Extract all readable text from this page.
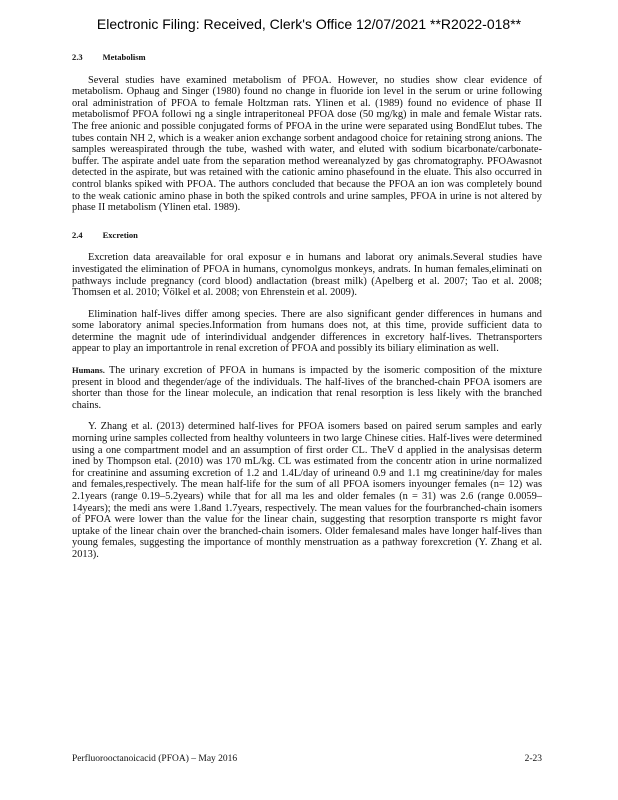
Electronic Filing: Received, Clerk's Office 12/07/2021 **R2022-018**
2.3 Metabolism

Several studies have examined metabolism of PFOA. However, no studies show clear evidence of metabolism. Ophaug and Singer (1980) found no change in fluoride ion level in the serum or urine following oral administration of PFOA to female Holtzman rats. Ylinen et al. (1989) found no evidence of phase II metabolismof PFOA followi ng a single intraperitoneal PFOA dose (50 mg/kg) in male and female Wistar rats. The free anionic and possible conjugated forms of PFOA in the urine were separated using BondElut tubes. The tubes contain NH 2, which is a weaker anion exchange sorbent andagood choice for retaining strong anions. The samples wereaspirated through the tube, washed with water, and eluted with sodium bicarbonate/carbonate-buffer. The aspirate andel uate from the separation method wereanalyzed by gas chromatography. PFOAwasnot detected in the aspirate, but was retained with the cationic amino phasefound in the eluate. This also occurred in control blanks spiked with PFOA. The authors concluded that because the PFOA an ion was completely bound to the weak cationic amino phase in both the spiked controls and urine samples, PFOA in urine is not altered by phase II metabolism (Ylinen etal. 1989).

2.4 Excretion

Excretion data areavailable for oral exposur e in humans and laborat ory animals.Several studies have investigated the elimination of PFOA in humans, cynomolgus monkeys, andrats. In human females,eliminati on pathways include pregnancy (cord blood) andlactation (breast milk) (Apelberg et al. 2007; Tao et al. 2008; Thomsen et al. 2010; Völkel et al. 2008; von Ehrenstein et al. 2009).

Elimination half-lives differ among species. There are also significant gender differences in humans and some laboratory animal species.Information from humans does not, at this time, provide sufficient data to determine the magnit ude of interindividual andgender differences in excretory half-lives. Thetransporters appear to play an importantrole in renal excretion of PFOA and possibly its biliary elimination as well.

Humans. The urinary excretion of PFOA in humans is impacted by the isomeric composition of the mixture present in blood and thegender/age of the individuals. The half-lives of the branched-chain PFOA isomers are shorter than those for the linear molecule, an indication that renal resorption is less likely with the branched chains.

Y. Zhang et al. (2013) determined half-lives for PFOA isomers based on paired serum samples and early morning urine samples collected from healthy volunteers in two large Chinese cities. Half-lives were determined using a one compartment model and an assumption of first order CL. TheV d applied in the analysisas determ ined by Thompson etal. (2010) was 170 mL/kg. CL was estimated from the concentr ation in urine normalized for creatinine and assuming excretion of 1.2 and 1.4L/day of urineand 0.9 and 1.1 mg creatinine/day for males and females,respectively. The mean half-life for the sum of all PFOA isomers inyounger females (n= 12) was 2.1years (range 0.19–5.2years) while that for all ma les and older females (n = 31) was 2.6 (range 0.0059–14years); the medi ans were 1.8and 1.7years, respectively. The mean values for the fourbranched-chain isomers of PFOA were lower than the value for the linear chain, suggesting that resorption transporte rs might favor uptake of the linear chain over the branched-chain isomers. Older femalesand males have longer half-lives than young females, suggesting the importance of monthly menstruation as a pathway forexcretion (Y. Zhang et al. 2013).

Perfluorooctanoicacid (PFOA) – May 2016	2-23
